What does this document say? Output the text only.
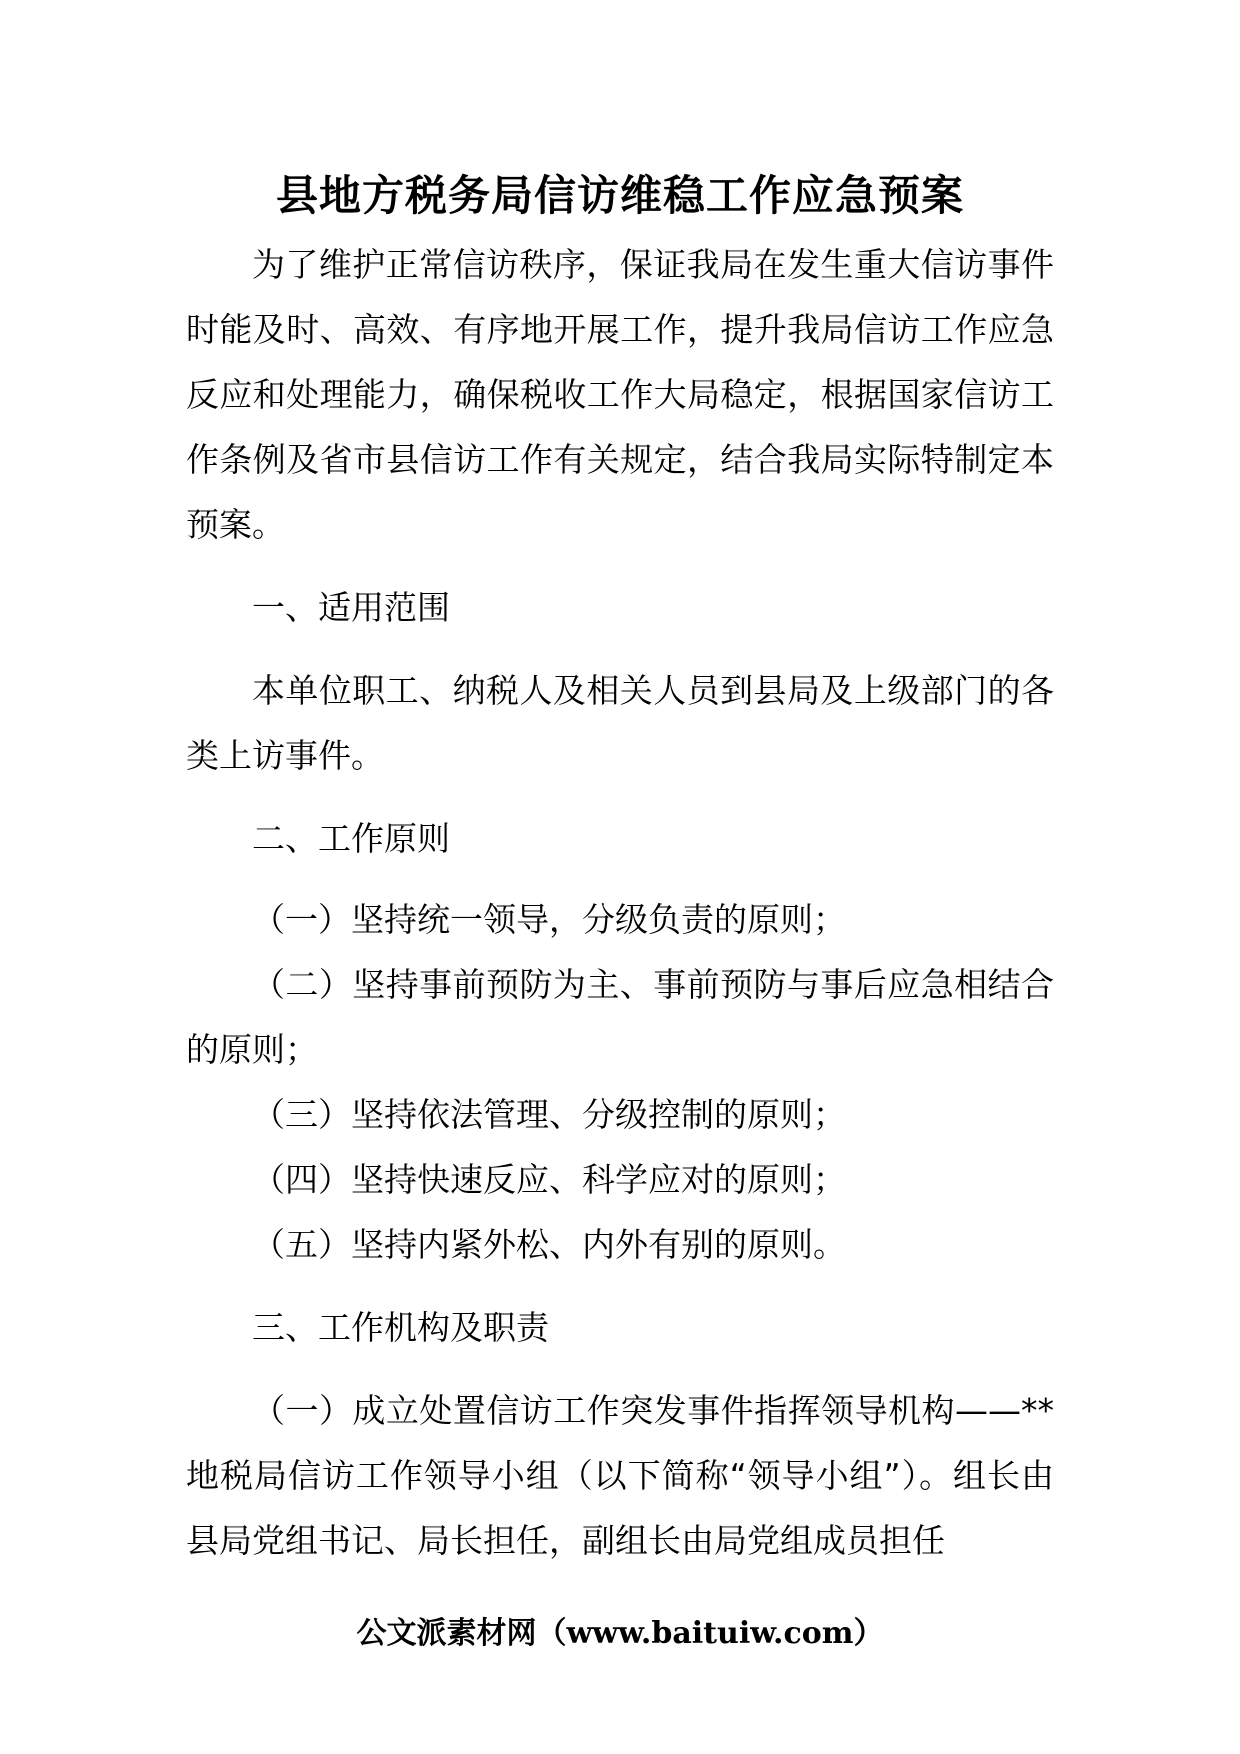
县地方税务局信访维稳工作应急预案

为了维护正常信访秩序，保证我局在发生重大信访事件时能及时、高效、有序地开展工作，提升我局信访工作应急反应和处理能力，确保税收工作大局稳定，根据国家信访工作条例及省市县信访工作有关规定，结合我局实际特制定本预案。

一、适用范围

本单位职工、纳税人及相关人员到县局及上级部门的各类上访事件。

二、工作原则

（一）坚持统一领导，分级负责的原则；

（二）坚持事前预防为主、事前预防与事后应急相结合的原则；

（三）坚持依法管理、分级控制的原则；

（四）坚持快速反应、科学应对的原则；

（五）坚持内紧外松、内外有别的原则。

三、工作机构及职责

（一）成立处置信访工作突发事件指挥领导机构——**地税局信访工作领导小组（以下简称“领导小组”）。组长由县局党组书记、局长担任，副组长由局党组成员担任

公文派素材网（www.baituiw.com）
